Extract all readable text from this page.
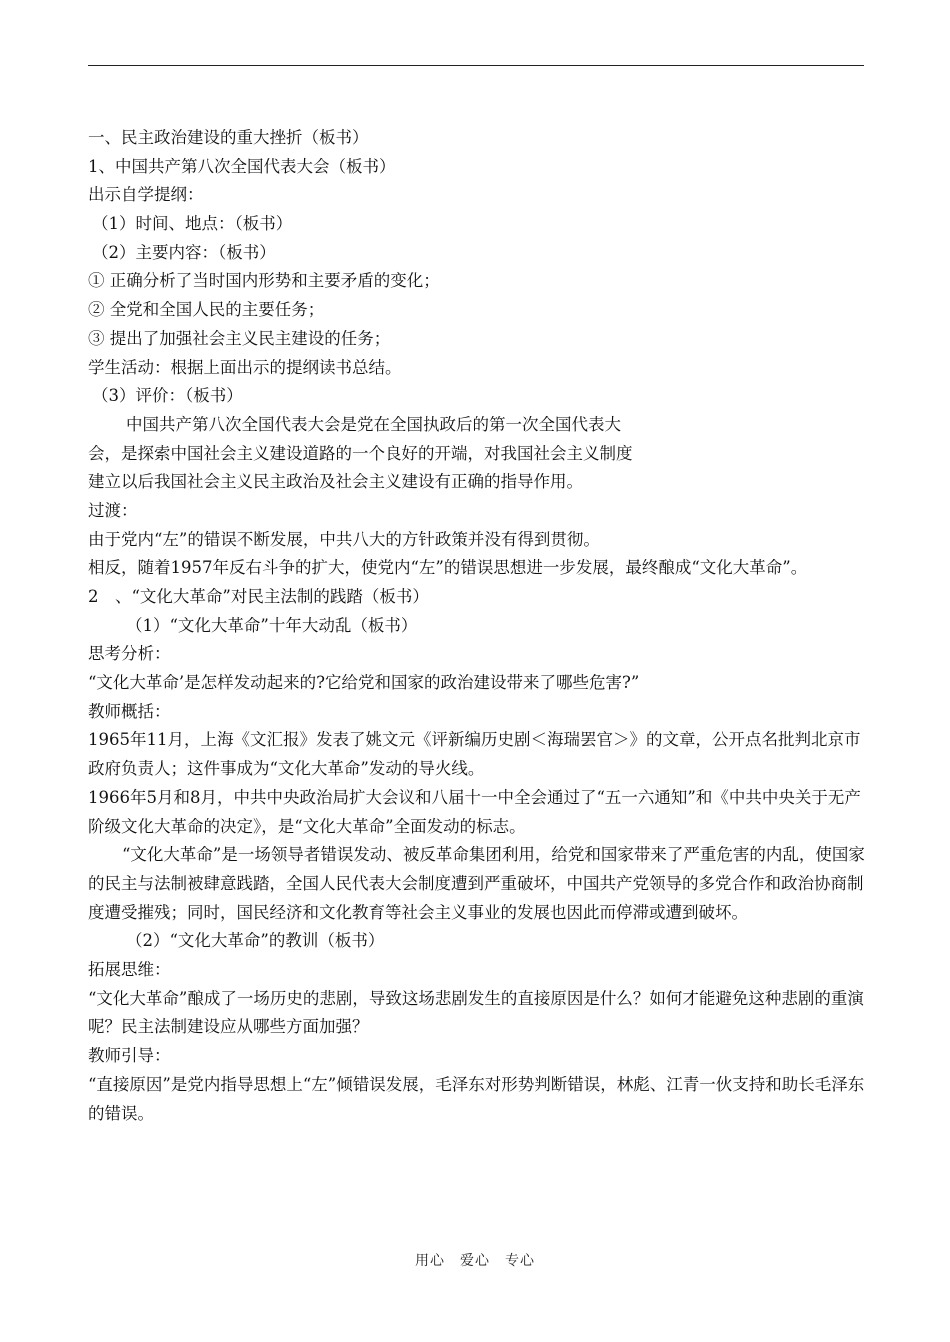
一、民主政治建设的重大挫折（板书）
1、中国共产第八次全国代表大会（板书）
出示自学提纲：
（1）时间、地点：（板书）
（2）主要内容：（板书）
① 正确分析了当时国内形势和主要矛盾的变化；
② 全党和全国人民的主要任务；
③ 提出了加强社会主义民主建设的任务；
学生活动：根据上面出示的提纲读书总结。
（3）评价：（板书）
中国共产第八次全国代表大会是党在全国执政后的第一次全国代表大
会，是探索中国社会主义建设道路的一个良好的开端，对我国社会主义制度
建立以后我国社会主义民主政治及社会主义建设有正确的指导作用。
过渡：
由于党内“左”的错误不断发展，中共八大的方针政策并没有得到贯彻。
相反，随着1957年反右斗争的扩大，使党内“左”的错误思想进一步发展，最终酿成“文化大革命”。
2　、“文化大革命”对民主法制的践踏（板书）
（1）“文化大革命”十年大动乱（板书）
思考分析：
“文化大革命’是怎样发动起来的?它给党和国家的政治建设带来了哪些危害?”
教师概括：
1965年11月，上海《文汇报》发表了姚文元《评新编历史剧＜海瑞罢官＞》的文章，公开点名批判北京市政府负责人；这件事成为“文化大革命”发动的导火线。
1966年5月和8月，中共中央政治局扩大会议和八届十一中全会通过了“五一六通知”和《中共中央关于无产阶级文化大革命的决定》，是“文化大革命”全面发动的标志。
“文化大革命”是一场领导者错误发动、被反革命集团利用，给党和国家带来了严重危害的内乱，使国家的民主与法制被肆意践踏，全国人民代表大会制度遭到严重破坏，中国共产党领导的多党合作和政治协商制度遭受摧残；同时，国民经济和文化教育等社会主义事业的发展也因此而停滞或遭到破坏。
（2）“文化大革命”的教训（板书）
拓展思维：
“文化大革命”酿成了一场历史的悲剧，导致这场悲剧发生的直接原因是什么？如何才能避免这种悲剧的重演呢？民主法制建设应从哪些方面加强？
教师引导：
“直接原因”是党内指导思想上“左”倾错误发展，毛泽东对形势判断错误，林彪、江青一伙支持和助长毛泽东的错误。
用心　爱心　专心
